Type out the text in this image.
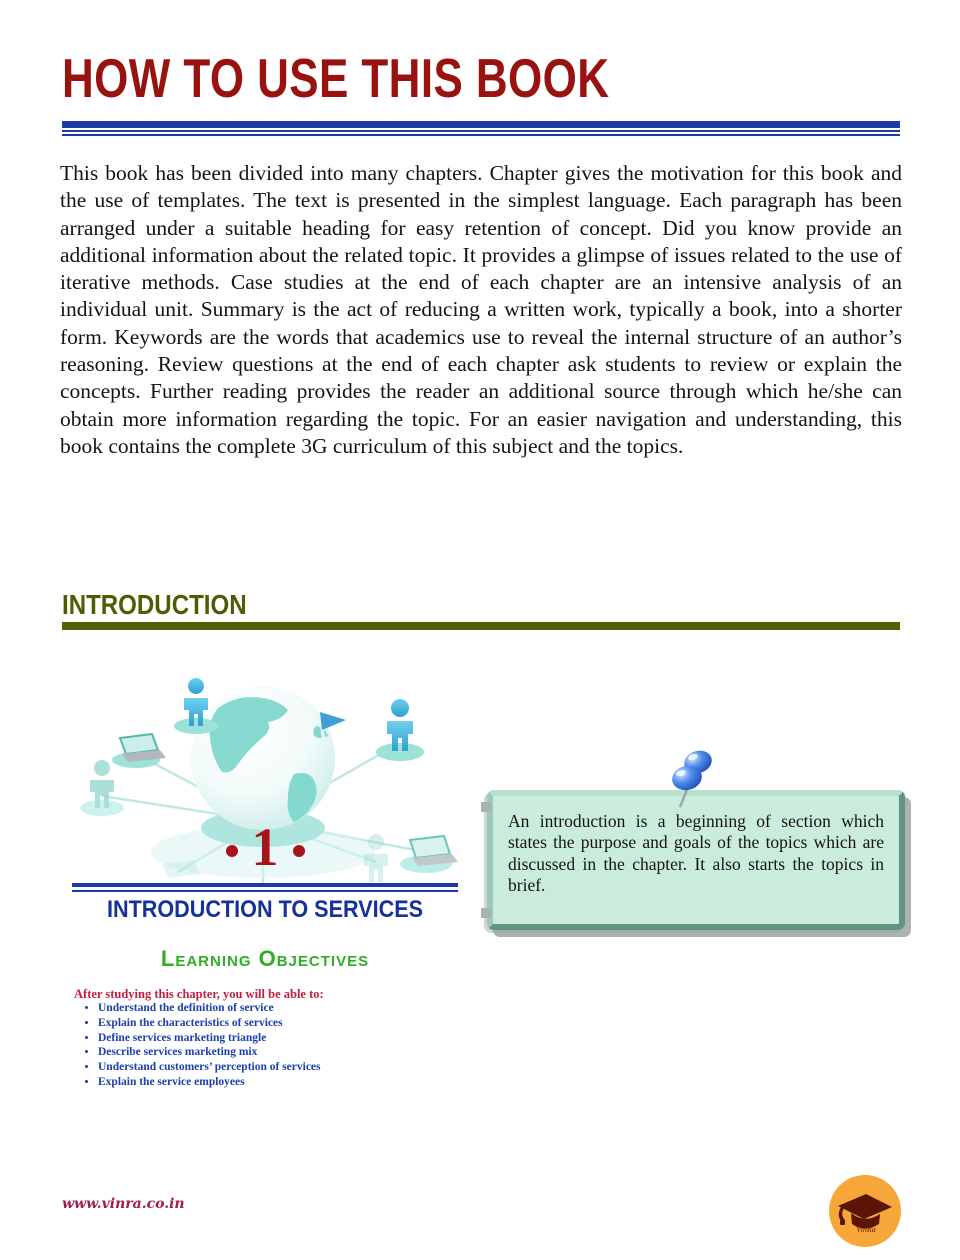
HOW TO USE THIS BOOK
This book has been divided into many chapters. Chapter gives the motivation for this book and the use of templates. The text is presented in the simplest language. Each paragraph has been arranged under a suitable heading for easy retention of concept. Did you know provide an additional information about the related topic. It provides a glimpse of issues related to the use of iterative methods. Case studies at the end of each chapter are an intensive analysis of an individual unit. Summary is the act of reducing a written work, typically a book, into a shorter form. Keywords are the words that academics use to reveal the internal structure of an author’s reasoning. Review questions at the end of each chapter ask students to review or explain the concepts. Further reading provides the reader an additional source through which he/she can obtain more information regarding the topic. For an easier navigation and understanding, this book contains the complete 3G curriculum of this subject and the topics.
INTRODUCTION
1
INTRODUCTION TO SERVICES
Learning Objectives
After studying this chapter, you will be able to:
• Understand the definition of service
• Explain the characteristics of services
• Define services marketing triangle
• Describe services marketing mix
• Understand customers’ perception of services
• Explain the service employees
An introduction is a beginning of section which states the purpose and goals of the topics which are discussed in the chapter. It also starts the topics in brief.
www.vinra.co.in
VinRa
